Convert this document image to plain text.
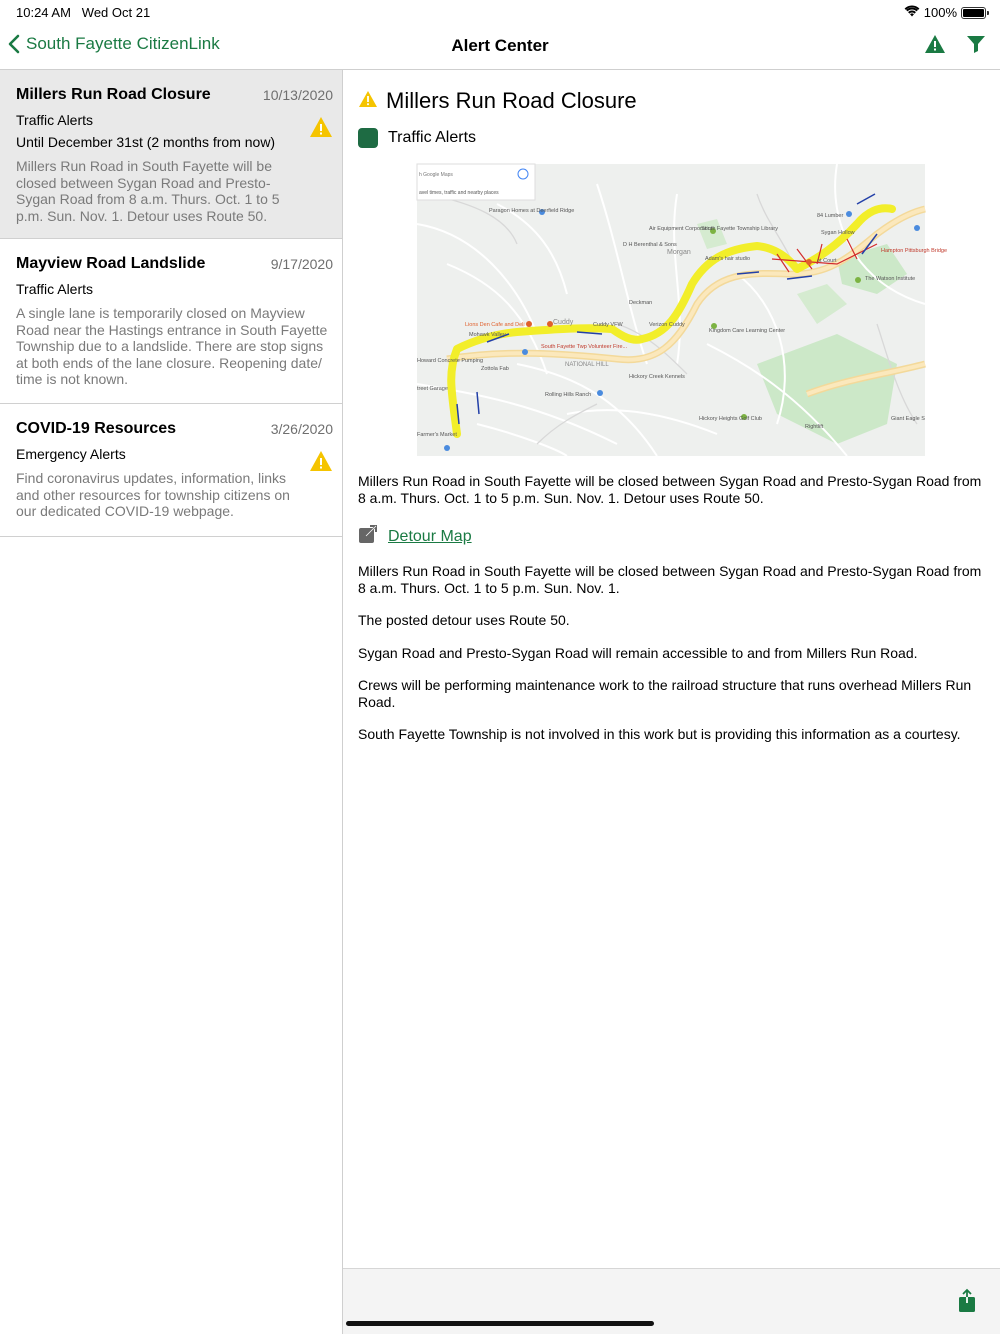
10:24 AM Wed Oct 21	100%
South Fayette CitizenLink	Alert Center
Millers Run Road Closure	10/13/2020
Traffic Alerts
Until December 31st (2 months from now)
Millers Run Road in South Fayette will be closed between Sygan Road and Presto-Sygan Road from 8 a.m. Thurs. Oct. 1 to 5 p.m. Sun. Nov. 1. Detour uses Route 50.
Mayview Road Landslide	9/17/2020
Traffic Alerts
A single lane is temporarily closed on Mayview Road near the Hastings entrance in South Fayette Township due to a landslide. There are stop signs at both ends of the lane closure. Reopening date/ time is not known.
COVID-19 Resources	3/26/2020
Emergency Alerts
Find coronavirus updates, information, links and other resources for township citizens on our dedicated COVID-19 webpage.
Millers Run Road Closure
Traffic Alerts
h Google Maps
avel times, traffic and nearby places
Paragon Homes at Deerfield Ridge
Air Equipment Corporation
South Fayette Township Library
84 Lumber
Sygan Hollow
Hampton Pittsburgh Bridge
D H Berenthal & Sons
Adam's hair studio	ot Court
The Watson Institute
Morgan
Deckman
Cuddy
Lions Den Cafe and Deli	Cuddy VFW	Verizon Cuddy
Kingdom Care Learning Center
Mohawk Valley
South Fayette Twp Volunteer Fire...
NATIONAL HILL
Howard Concrete Pumping
Zottola Fab
Hickory Creek Kennels
treet Garage
Rolling Hills Ranch
Hickory Heights Golf Club	Giant Eagle S
Rightlift
Farmer's Market
Millers Run Road in South Fayette will be closed between Sygan Road and Presto-Sygan Road from 8 a.m. Thurs. Oct. 1 to 5 p.m. Sun. Nov. 1. Detour uses Route 50.
Detour Map

Millers Run Road in South Fayette will be closed between Sygan Road and Presto-Sygan Road from 8 a.m. Thurs. Oct. 1 to 5 p.m. Sun. Nov. 1.

The posted detour uses Route 50.

Sygan Road and Presto-Sygan Road will remain accessible to and from Millers Run Road.

Crews will be performing maintenance work to the railroad structure that runs overhead Millers Run Road.

South Fayette Township is not involved in this work but is providing this information as a courtesy.
